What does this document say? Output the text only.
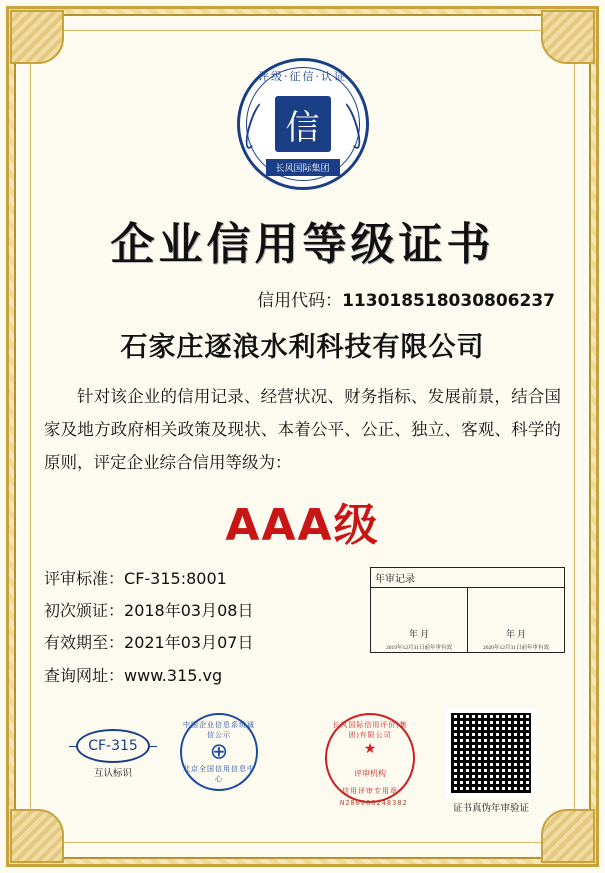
评级·征信·认证
信
长风国际集团
企业信用等级证书
信用代码：113018518030806237
石家庄逐浪水利科技有限公司
针对该企业的信用记录、经营状况、财务指标、发展前景，结合国家及地方政府相关政策及现状、本着公平、公正、独立、客观、科学的原则，评定企业综合信用等级为：
AAA级
评审标准：CF-315:8001
初次颁证：2018年03月08日
有效期至：2021年03月07日
查询网址：www.315.vg
年审记录
年 月
2019年12月31日前年审有效
年 月
2020年12月31日前年审有效
CF-315
互认标识
中国企业信息系统诚信公示
⊕
北京全国信用信息中心
长风国际信用评价(集团)有限公司
★
评审机构
信用评审专用章
N200000248382
证书真伪年审验证
